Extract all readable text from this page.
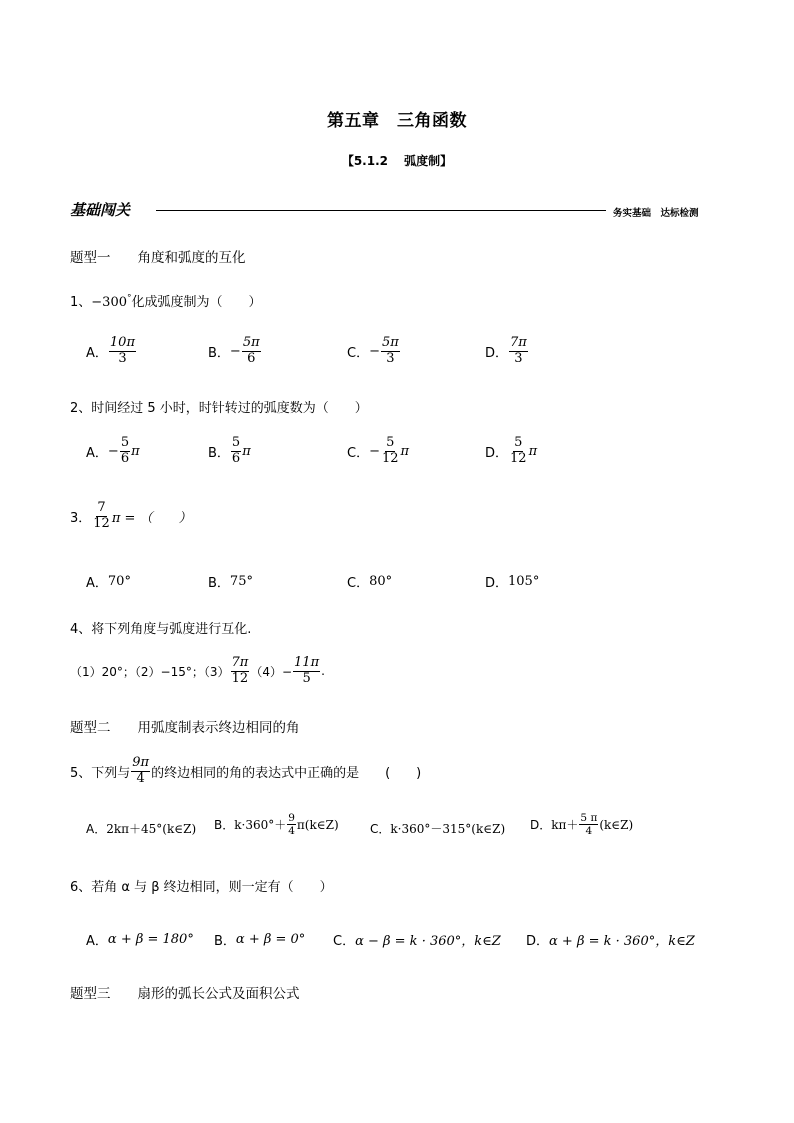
第五章　三角函数
【5.1.2　 弧度制】
基础闯关	务实基础　达标检测
题型一　　角度和弧度的互化
1、−300°化成弧度制为（　　）
A． $\frac{10\pi}{3}$	B． − $\frac{5\pi}{6}$	C． − $\frac{5\pi}{3}$	D． $\frac{7\pi}{3}$
2、时间经过 5 小时，时针转过的弧度数为（　　）
A． − $\frac{5}{6}$ π	B． $\frac{5}{6}$ π	C． − $\frac{5}{12}$ π	D． $\frac{5}{12}$ π
3． $\frac{7}{12}$ π = （　　）
A． 70°	B． 75°	C． 80°	D． 105°
4、将下列角度与弧度进行互化.
（1）20°；（2）−15°；$(3) \frac{7\pi}{12} (4)- \frac{11\pi}{5}$ .
题型二　　用弧度制表示终边相同的角
5、下列与 $\frac{9\pi}{4}$ 的终边相同的角的表达式中正确的是　　(　　)
A． 2kπ＋45°(k∈Z) B． $k\cdot 360^\circ+ \frac{9}{4}$ π(k∈Z)	C． k·360°－315°(k∈Z) D． $k\pi+ \frac{5 \pi}{4}$ (k∈Z)
6、若角 α 与 β 终边相同，则一定有（　　）
A． α + β = 180° B． α + β = 0° C． α − β = k · 360°，k∈Z D． α + β = k · 360°，k∈Z
题型三　　扇形的弧长公式及面积公式
